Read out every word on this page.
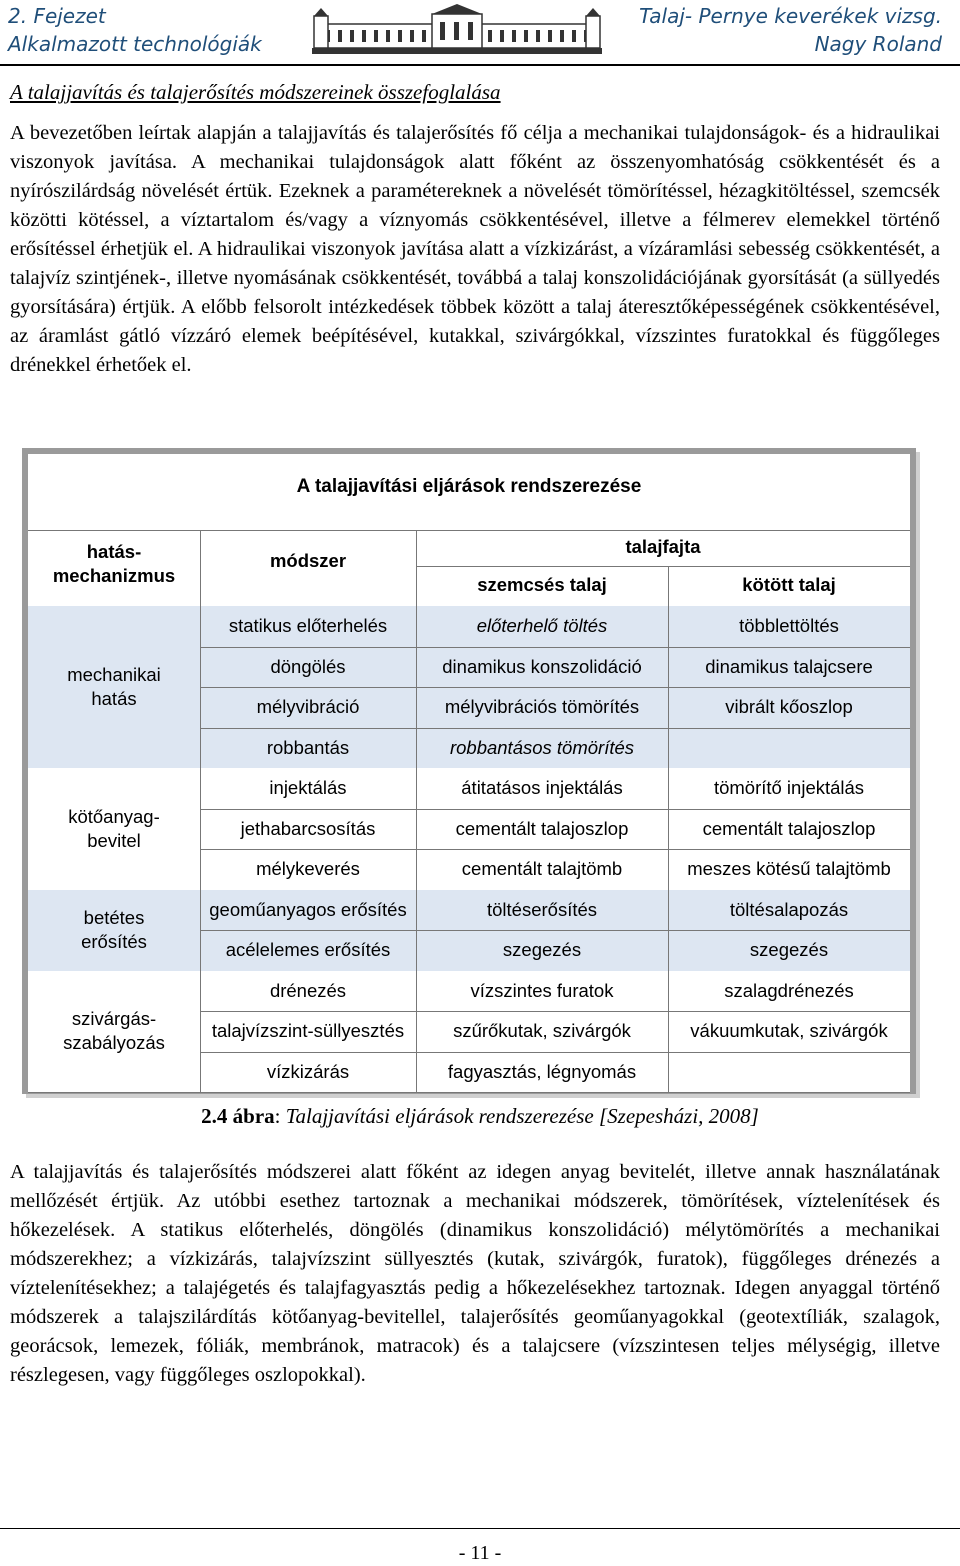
2. Fejezet
Alkalmazott technológiák
Talaj- Pernye keverékek vizsg.
Nagy Roland
A talajjavítás és talajerősítés módszereinek összefoglalása
A bevezetőben leírtak alapján a talajjavítás és talajerősítés fő célja a mechanikai tulajdonságok- és a hidraulikai viszonyok javítása. A mechanikai tulajdonságok alatt főként az összenyomhatóság csökkentését és a nyírószilárdság növelését értük. Ezeknek a paramétereknek a növelését tömörítéssel, hézagkitöltéssel, szemcsék közötti kötéssel, a víztartalom és/vagy a víznyomás csökkentésével, illetve a félmerev elemekkel történő erősítéssel érhetjük el. A hidraulikai viszonyok javítása alatt a vízkizárást, a vízáramlási sebesség csökkentését, a talajvíz szintjének-, illetve nyomásának csökkentését, továbbá a talaj konszolidációjának gyorsítását (a süllyedés gyorsítására) értjük. A előbb felsorolt intézkedések többek között a talaj áteresztőképességének csökkentésével, az áramlást gátló vízzáró elemek beépítésével, kutakkal, szivárgókkal, vízszintes furatokkal és függőleges drénekkel érhetőek el.
A talajjavítási eljárások rendszerezése
hatás-
mechanizmus
módszer
talajfajta
szemcsés talaj	kötött talaj
mechanikai
hatás
statikus előterhelés	előterhelő töltés	többlettöltés
döngölés	dinamikus konszolidáció	dinamikus talajcsere
mélyvibráció	mélyvibrációs tömörítés	vibrált kőoszlop
robbantás	robbantásos tömörítés
kötőanyag-
bevitel
injektálás	átitatásos injektálás	tömörítő injektálás
jethabarcsosítás	cementált talajoszlop	cementált talajoszlop
mélykeverés	cementált talajtömb	meszes kötésű talajtömb
betétes
erősítés
geoműanyagos erősítés	töltéserősítés	töltésalapozás
acélelemes erősítés	szegezés	szegezés
szivárgás-
szabályozás
drénezés	vízszintes furatok	szalagdrénezés
talajvízszint-süllyesztés	szűrőkutak, szivárgók	vákuumkutak, szivárgók
vízkizárás	fagyasztás, légnyomás
2.4 ábra: Talajjavítási eljárások rendszerezése [Szepesházi, 2008]
A talajjavítás és talajerősítés módszerei alatt főként az idegen anyag bevitelét, illetve annak használatának mellőzését értjük. Az utóbbi esethez tartoznak a mechanikai módszerek, tömörítések, víztelenítések és hőkezelések. A statikus előterhelés, döngölés (dinamikus konszolidáció) mélytömörítés a mechanikai módszerekhez; a vízkizárás, talajvízszint süllyesztés (kutak, szivárgók, furatok), függőleges drénezés a víztelenítésekhez; a talajégetés és talajfagyasztás pedig a hőkezelésekhez tartoznak. Idegen anyaggal történő módszerek a talajszilárdítás kötőanyag-bevitellel, talajerősítés geoműanyagokkal (geotextíliák, szalagok, georácsok, lemezek, fóliák, membránok, matracok) és a talajcsere (vízszintesen teljes mélységig, illetve részlegesen, vagy függőleges oszlopokkal).
- 11 -
